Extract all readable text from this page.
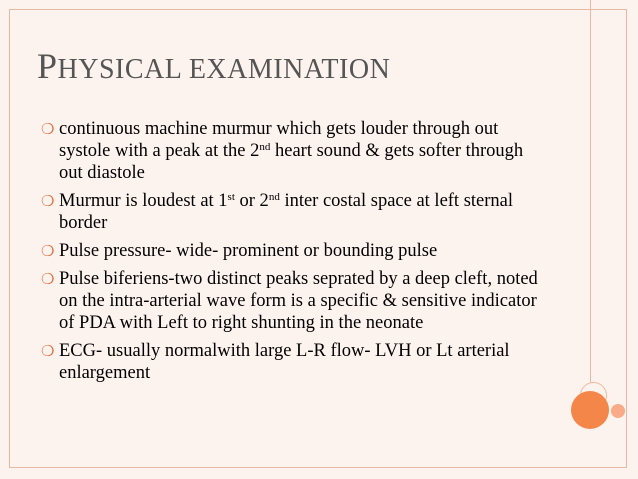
PHYSICAL EXAMINATION
❍ continuous machine murmur which gets louder through out systole with a peak at the 2nd heart sound & gets softer through out diastole
❍ Murmur is loudest at 1st or 2nd inter costal space at left sternal border
❍ Pulse pressure- wide- prominent or bounding pulse
❍ Pulse biferiens-two distinct peaks seprated by a deep cleft, noted on the intra-arterial wave form is a specific & sensitive indicator of PDA with Left to right shunting in the neonate
❍ ECG- usually normalwith large L-R flow- LVH or Lt arterial enlargement
